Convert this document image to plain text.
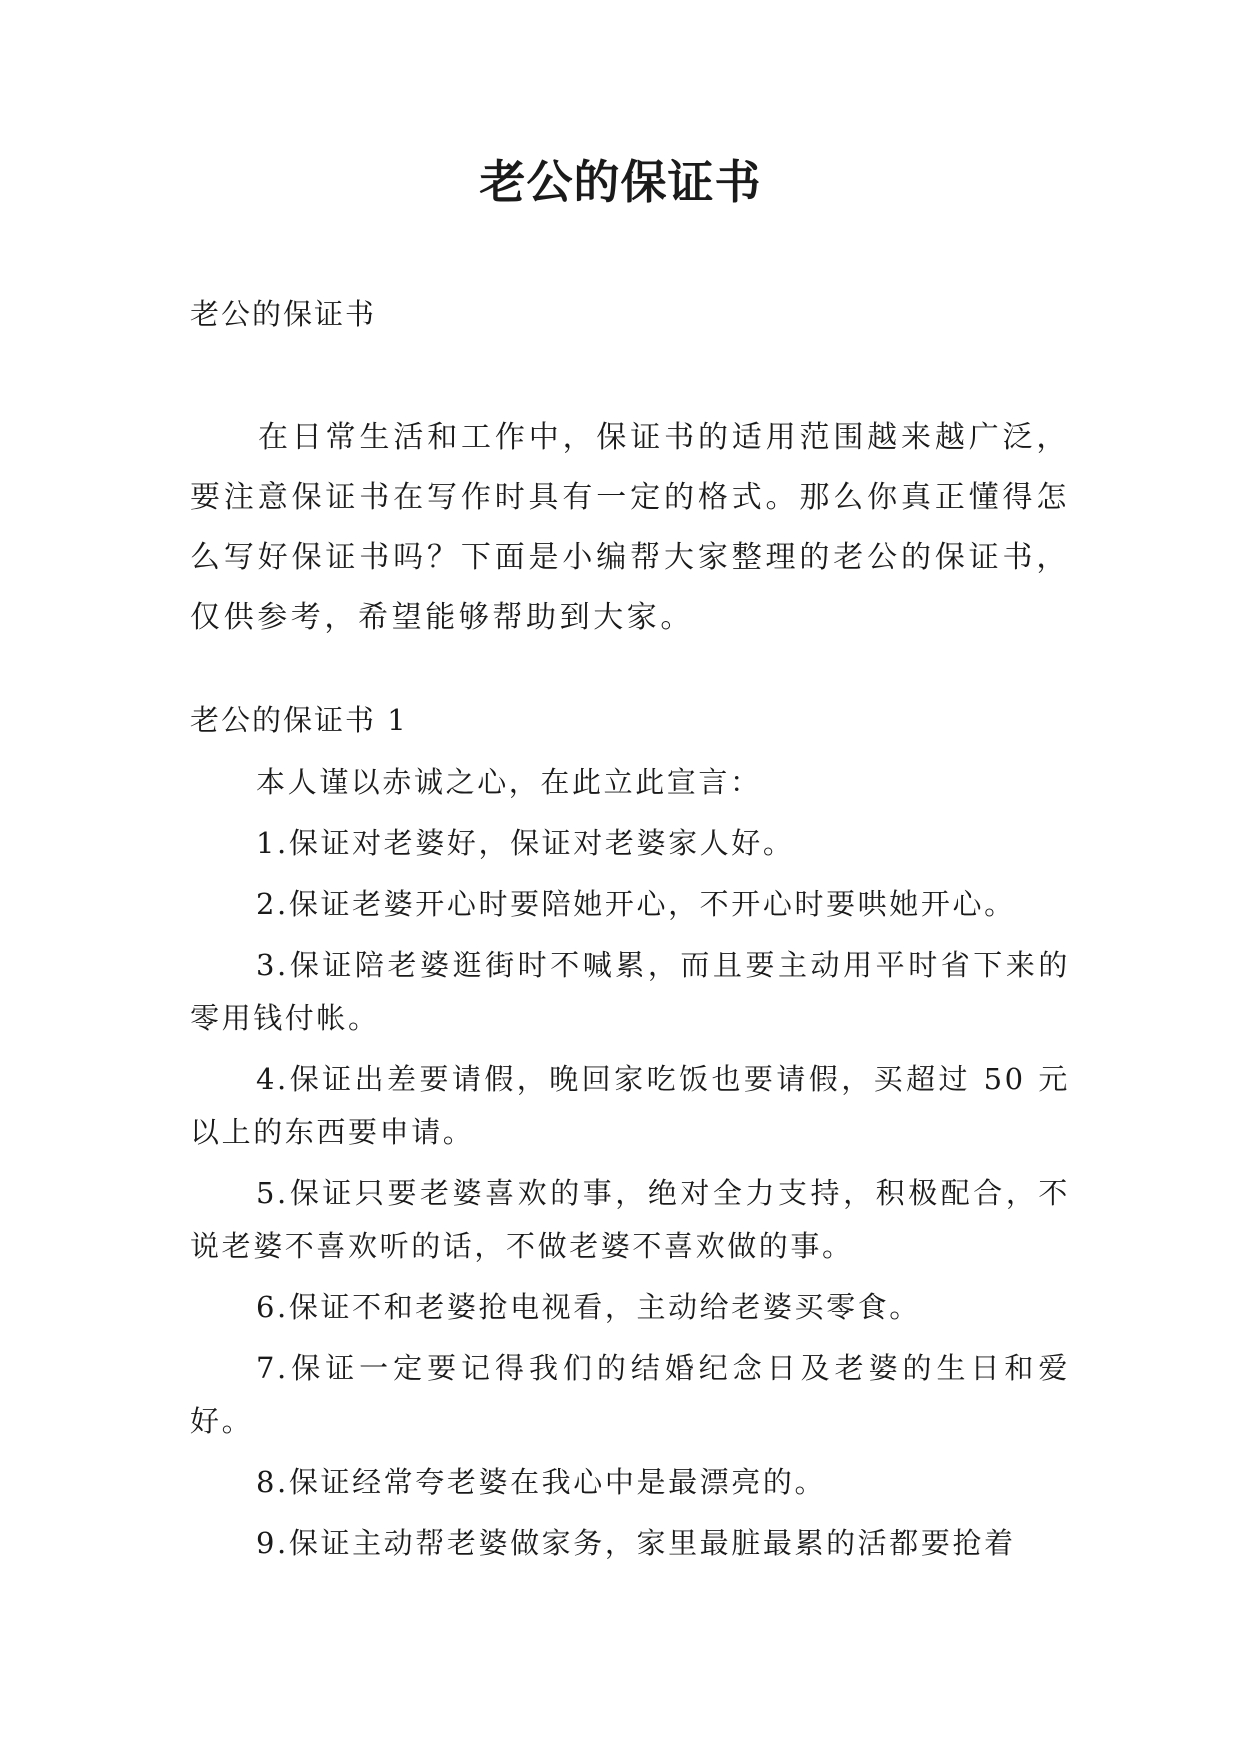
老公的保证书

老公的保证书

在日常生活和工作中，保证书的适用范围越来越广泛，要注意保证书在写作时具有一定的格式。那么你真正懂得怎么写好保证书吗？下面是小编帮大家整理的老公的保证书，仅供参考，希望能够帮助到大家。

老公的保证书 1

本人谨以赤诚之心，在此立此宣言：

1.保证对老婆好，保证对老婆家人好。

2.保证老婆开心时要陪她开心，不开心时要哄她开心。

3.保证陪老婆逛街时不喊累，而且要主动用平时省下来的零用钱付帐。

4.保证出差要请假，晚回家吃饭也要请假，买超过 50 元以上的东西要申请。

5.保证只要老婆喜欢的事，绝对全力支持，积极配合，不说老婆不喜欢听的话，不做老婆不喜欢做的事。

6.保证不和老婆抢电视看，主动给老婆买零食。

7.保证一定要记得我们的结婚纪念日及老婆的生日和爱好。

8.保证经常夸老婆在我心中是最漂亮的。

9.保证主动帮老婆做家务，家里最脏最累的活都要抢着
